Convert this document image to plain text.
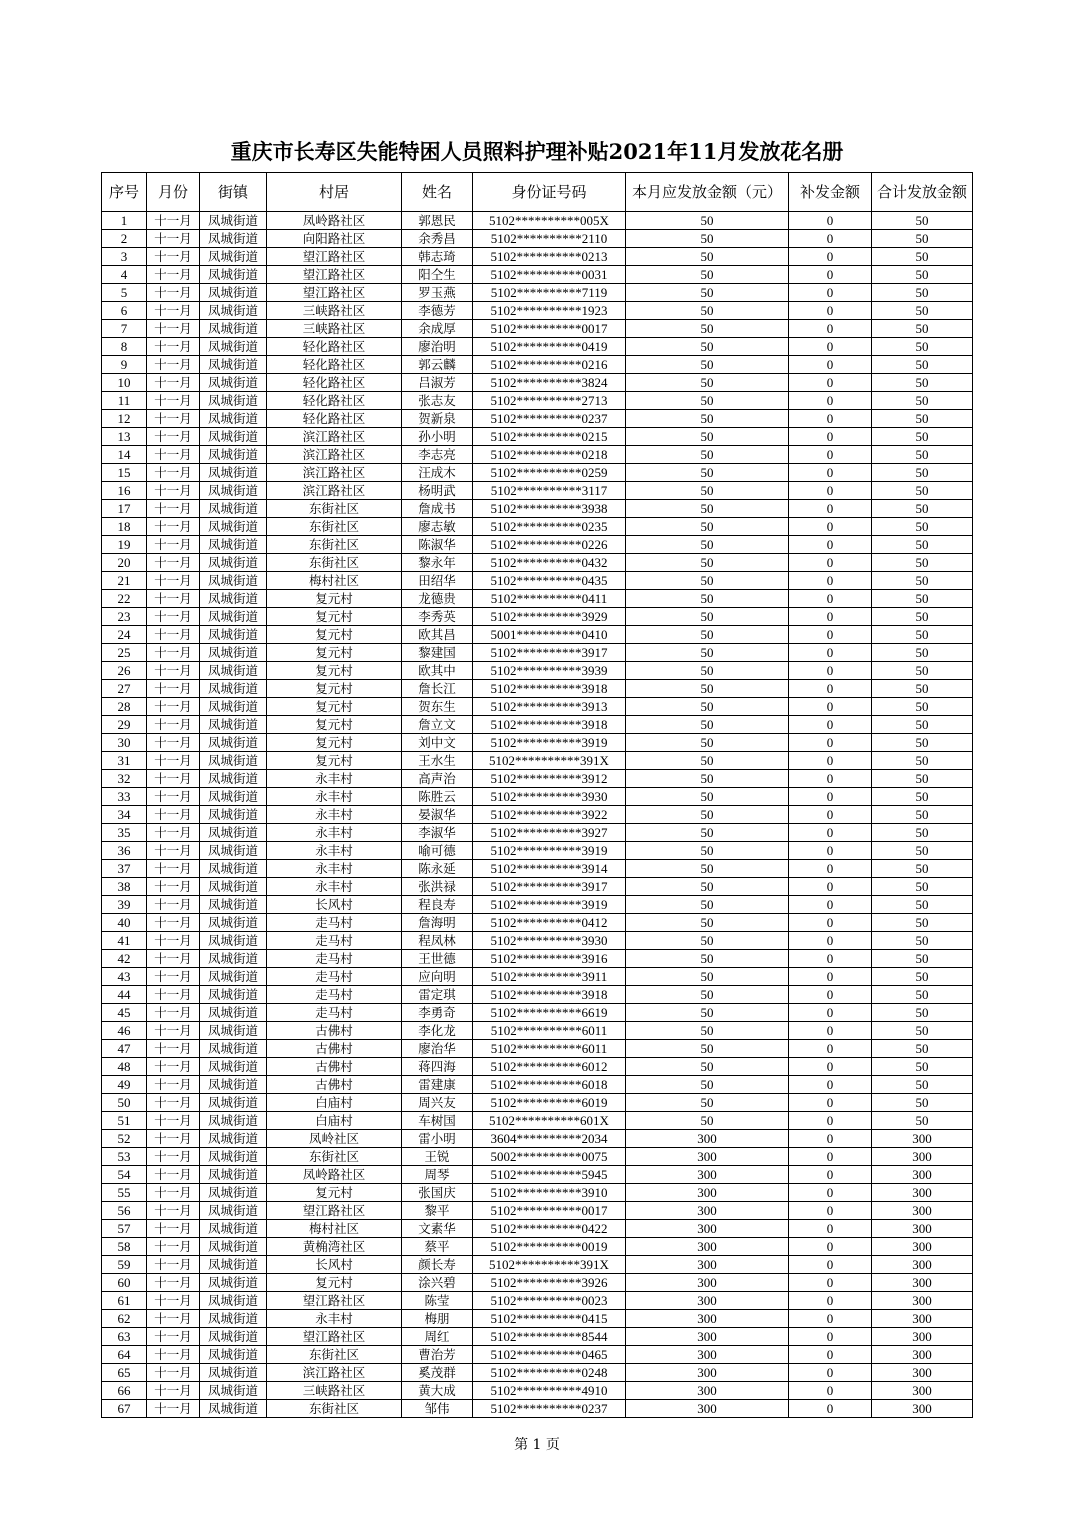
重庆市长寿区失能特困人员照料护理补贴2021年11月发放花名册
序号	月份	街镇	村居	姓名	身份证号码	本月应发放金额（元）	补发金额	合计发放金额
1	十一月	凤城街道	凤岭路社区	郭恩民	5102**********005X	50	0	50
2	十一月	凤城街道	向阳路社区	余秀昌	5102**********2110	50	0	50
3	十一月	凤城街道	望江路社区	韩志琦	5102**********0213	50	0	50
4	十一月	凤城街道	望江路社区	阳仝生	5102**********0031	50	0	50
5	十一月	凤城街道	望江路社区	罗玉燕	5102**********7119	50	0	50
6	十一月	凤城街道	三峡路社区	李德芳	5102**********1923	50	0	50
7	十一月	凤城街道	三峡路社区	余成厚	5102**********0017	50	0	50
8	十一月	凤城街道	轻化路社区	廖治明	5102**********0419	50	0	50
9	十一月	凤城街道	轻化路社区	郭云麟	5102**********0216	50	0	50
10	十一月	凤城街道	轻化路社区	吕淑芳	5102**********3824	50	0	50
11	十一月	凤城街道	轻化路社区	张志友	5102**********2713	50	0	50
12	十一月	凤城街道	轻化路社区	贺新泉	5102**********0237	50	0	50
13	十一月	凤城街道	滨江路社区	孙小明	5102**********0215	50	0	50
14	十一月	凤城街道	滨江路社区	李志亮	5102**********0218	50	0	50
15	十一月	凤城街道	滨江路社区	汪成木	5102**********0259	50	0	50
16	十一月	凤城街道	滨江路社区	杨明武	5102**********3117	50	0	50
17	十一月	凤城街道	东街社区	詹成书	5102**********3938	50	0	50
18	十一月	凤城街道	东街社区	廖志敏	5102**********0235	50	0	50
19	十一月	凤城街道	东街社区	陈淑华	5102**********0226	50	0	50
20	十一月	凤城街道	东街社区	黎永年	5102**********0432	50	0	50
21	十一月	凤城街道	梅村社区	田绍华	5102**********0435	50	0	50
22	十一月	凤城街道	复元村	龙德贵	5102**********0411	50	0	50
23	十一月	凤城街道	复元村	李秀英	5102**********3929	50	0	50
24	十一月	凤城街道	复元村	欧其昌	5001**********0410	50	0	50
25	十一月	凤城街道	复元村	黎建国	5102**********3917	50	0	50
26	十一月	凤城街道	复元村	欧其中	5102**********3939	50	0	50
27	十一月	凤城街道	复元村	詹长江	5102**********3918	50	0	50
28	十一月	凤城街道	复元村	贺东生	5102**********3913	50	0	50
29	十一月	凤城街道	复元村	詹立文	5102**********3918	50	0	50
30	十一月	凤城街道	复元村	刘中文	5102**********3919	50	0	50
31	十一月	凤城街道	复元村	王水生	5102**********391X	50	0	50
32	十一月	凤城街道	永丰村	高声治	5102**********3912	50	0	50
33	十一月	凤城街道	永丰村	陈胜云	5102**********3930	50	0	50
34	十一月	凤城街道	永丰村	晏淑华	5102**********3922	50	0	50
35	十一月	凤城街道	永丰村	李淑华	5102**********3927	50	0	50
36	十一月	凤城街道	永丰村	喻可德	5102**********3919	50	0	50
37	十一月	凤城街道	永丰村	陈永延	5102**********3914	50	0	50
38	十一月	凤城街道	永丰村	张洪禄	5102**********3917	50	0	50
39	十一月	凤城街道	长风村	程良寿	5102**********3919	50	0	50
40	十一月	凤城街道	走马村	詹海明	5102**********0412	50	0	50
41	十一月	凤城街道	走马村	程凤林	5102**********3930	50	0	50
42	十一月	凤城街道	走马村	王世德	5102**********3916	50	0	50
43	十一月	凤城街道	走马村	应向明	5102**********3911	50	0	50
44	十一月	凤城街道	走马村	雷定琪	5102**********3918	50	0	50
45	十一月	凤城街道	走马村	李勇奇	5102**********6619	50	0	50
46	十一月	凤城街道	古佛村	李化龙	5102**********6011	50	0	50
47	十一月	凤城街道	古佛村	廖治华	5102**********6011	50	0	50
48	十一月	凤城街道	古佛村	蒋四海	5102**********6012	50	0	50
49	十一月	凤城街道	古佛村	雷建康	5102**********6018	50	0	50
50	十一月	凤城街道	白庙村	周兴友	5102**********6019	50	0	50
51	十一月	凤城街道	白庙村	车树国	5102**********601X	50	0	50
52	十一月	凤城街道	凤岭社区	雷小明	3604**********2034	300	0	300
53	十一月	凤城街道	东街社区	王锐	5002**********0075	300	0	300
54	十一月	凤城街道	凤岭路社区	周琴	5102**********5945	300	0	300
55	十一月	凤城街道	复元村	张国庆	5102**********3910	300	0	300
56	十一月	凤城街道	望江路社区	黎平	5102**********0017	300	0	300
57	十一月	凤城街道	梅村社区	文素华	5102**********0422	300	0	300
58	十一月	凤城街道	黄桷湾社区	蔡平	5102**********0019	300	0	300
59	十一月	凤城街道	长风村	颜长寿	5102**********391X	300	0	300
60	十一月	凤城街道	复元村	涂兴碧	5102**********3926	300	0	300
61	十一月	凤城街道	望江路社区	陈莹	5102**********0023	300	0	300
62	十一月	凤城街道	永丰村	梅朋	5102**********0415	300	0	300
63	十一月	凤城街道	望江路社区	周红	5102**********8544	300	0	300
64	十一月	凤城街道	东街社区	曹治芳	5102**********0465	300	0	300
65	十一月	凤城街道	滨江路社区	奚茂群	5102**********0248	300	0	300
66	十一月	凤城街道	三峡路社区	黄大成	5102**********4910	300	0	300
67	十一月	凤城街道	东街社区	邹伟	5102**********0237	300	0	300
第 1 页
